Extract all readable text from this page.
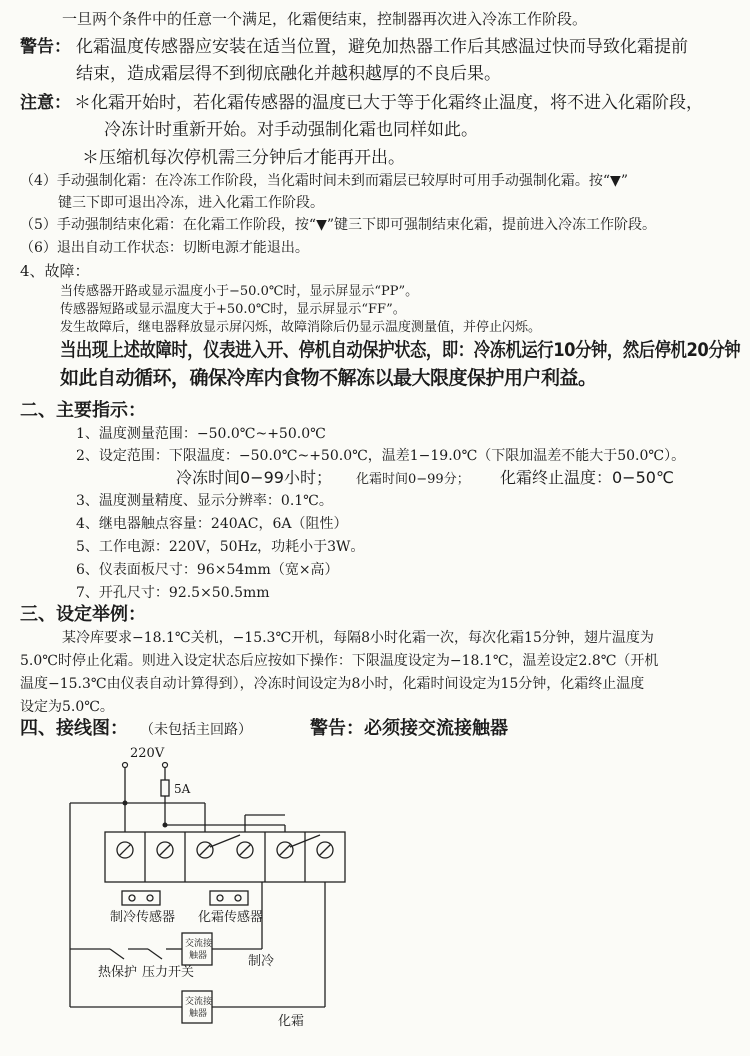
一旦两个条件中的任意一个满足，化霜便结束，控制器再次进入冷冻工作阶段。
警告： 化霜温度传感器应安装在适当位置，避免加热器工作后其感温过快而导致化霜提前
结束，造成霜层得不到彻底融化并越积越厚的不良后果。
注意： ＊化霜开始时，若化霜传感器的温度已大于等于化霜终止温度，将不进入化霜阶段，
冷冻计时重新开始。对手动强制化霜也同样如此。
＊压缩机每次停机需三分钟后才能再开出。
（4）手动强制化霜：在冷冻工作阶段，当化霜时间未到而霜层已较厚时可用手动强制化霜。按“▼”
键三下即可退出冷冻，进入化霜工作阶段。
（5）手动强制结束化霜：在化霜工作阶段，按“▼”键三下即可强制结束化霜，提前进入冷冻工作阶段。
（6）退出自动工作状态：切断电源才能退出。
4、故障：
当传感器开路或显示温度小于−50.0℃时，显示屏显示“PP”。
传感器短路或显示温度大于+50.0℃时，显示屏显示“FF”。
发生故障后，继电器释放显示屏闪烁，故障消除后仍显示温度测量值，并停止闪烁。
当出现上述故障时，仪表进入开、停机自动保护状态，即：冷冻机运行10分钟，然后停机20分钟
如此自动循环，确保冷库内食物不解冻以最大限度保护用户利益。
二、主要指示：
1、温度测量范围：−50.0℃~+50.0℃
2、设定范围：下限温度：−50.0℃~+50.0℃，温差1−19.0℃（下限加温差不能大于50.0℃）。
冷冻时间0−99小时； 化霜时间0−99分； 化霜终止温度：0−50℃
3、温度测量精度、显示分辨率：0.1℃。
4、继电器触点容量：240AC，6A（阻性）
5、工作电源：220V，50Hz，功耗小于3W。
6、仪表面板尺寸：96×54mm（宽×高）
7、开孔尺寸：92.5×50.5mm
三、设定举例：
某冷库要求−18.1℃关机，−15.3℃开机，每隔8小时化霜一次，每次化霜15分钟，翅片温度为
5.0℃时停止化霜。则进入设定状态后应按如下操作：下限温度设定为−18.1℃，温差设定2.8℃（开机
温度−15.3℃由仪表自动计算得到），冷冻时间设定为8小时，化霜时间设定为15分钟，化霜终止温度
设定为5.0℃。
四、接线图： （未包括主回路）	警告：必须接交流接触器
220V
5A
制冷传感器 化霜传感器
交流接
触器	制冷
热保护 压力开关
交流接
触器	化霜
